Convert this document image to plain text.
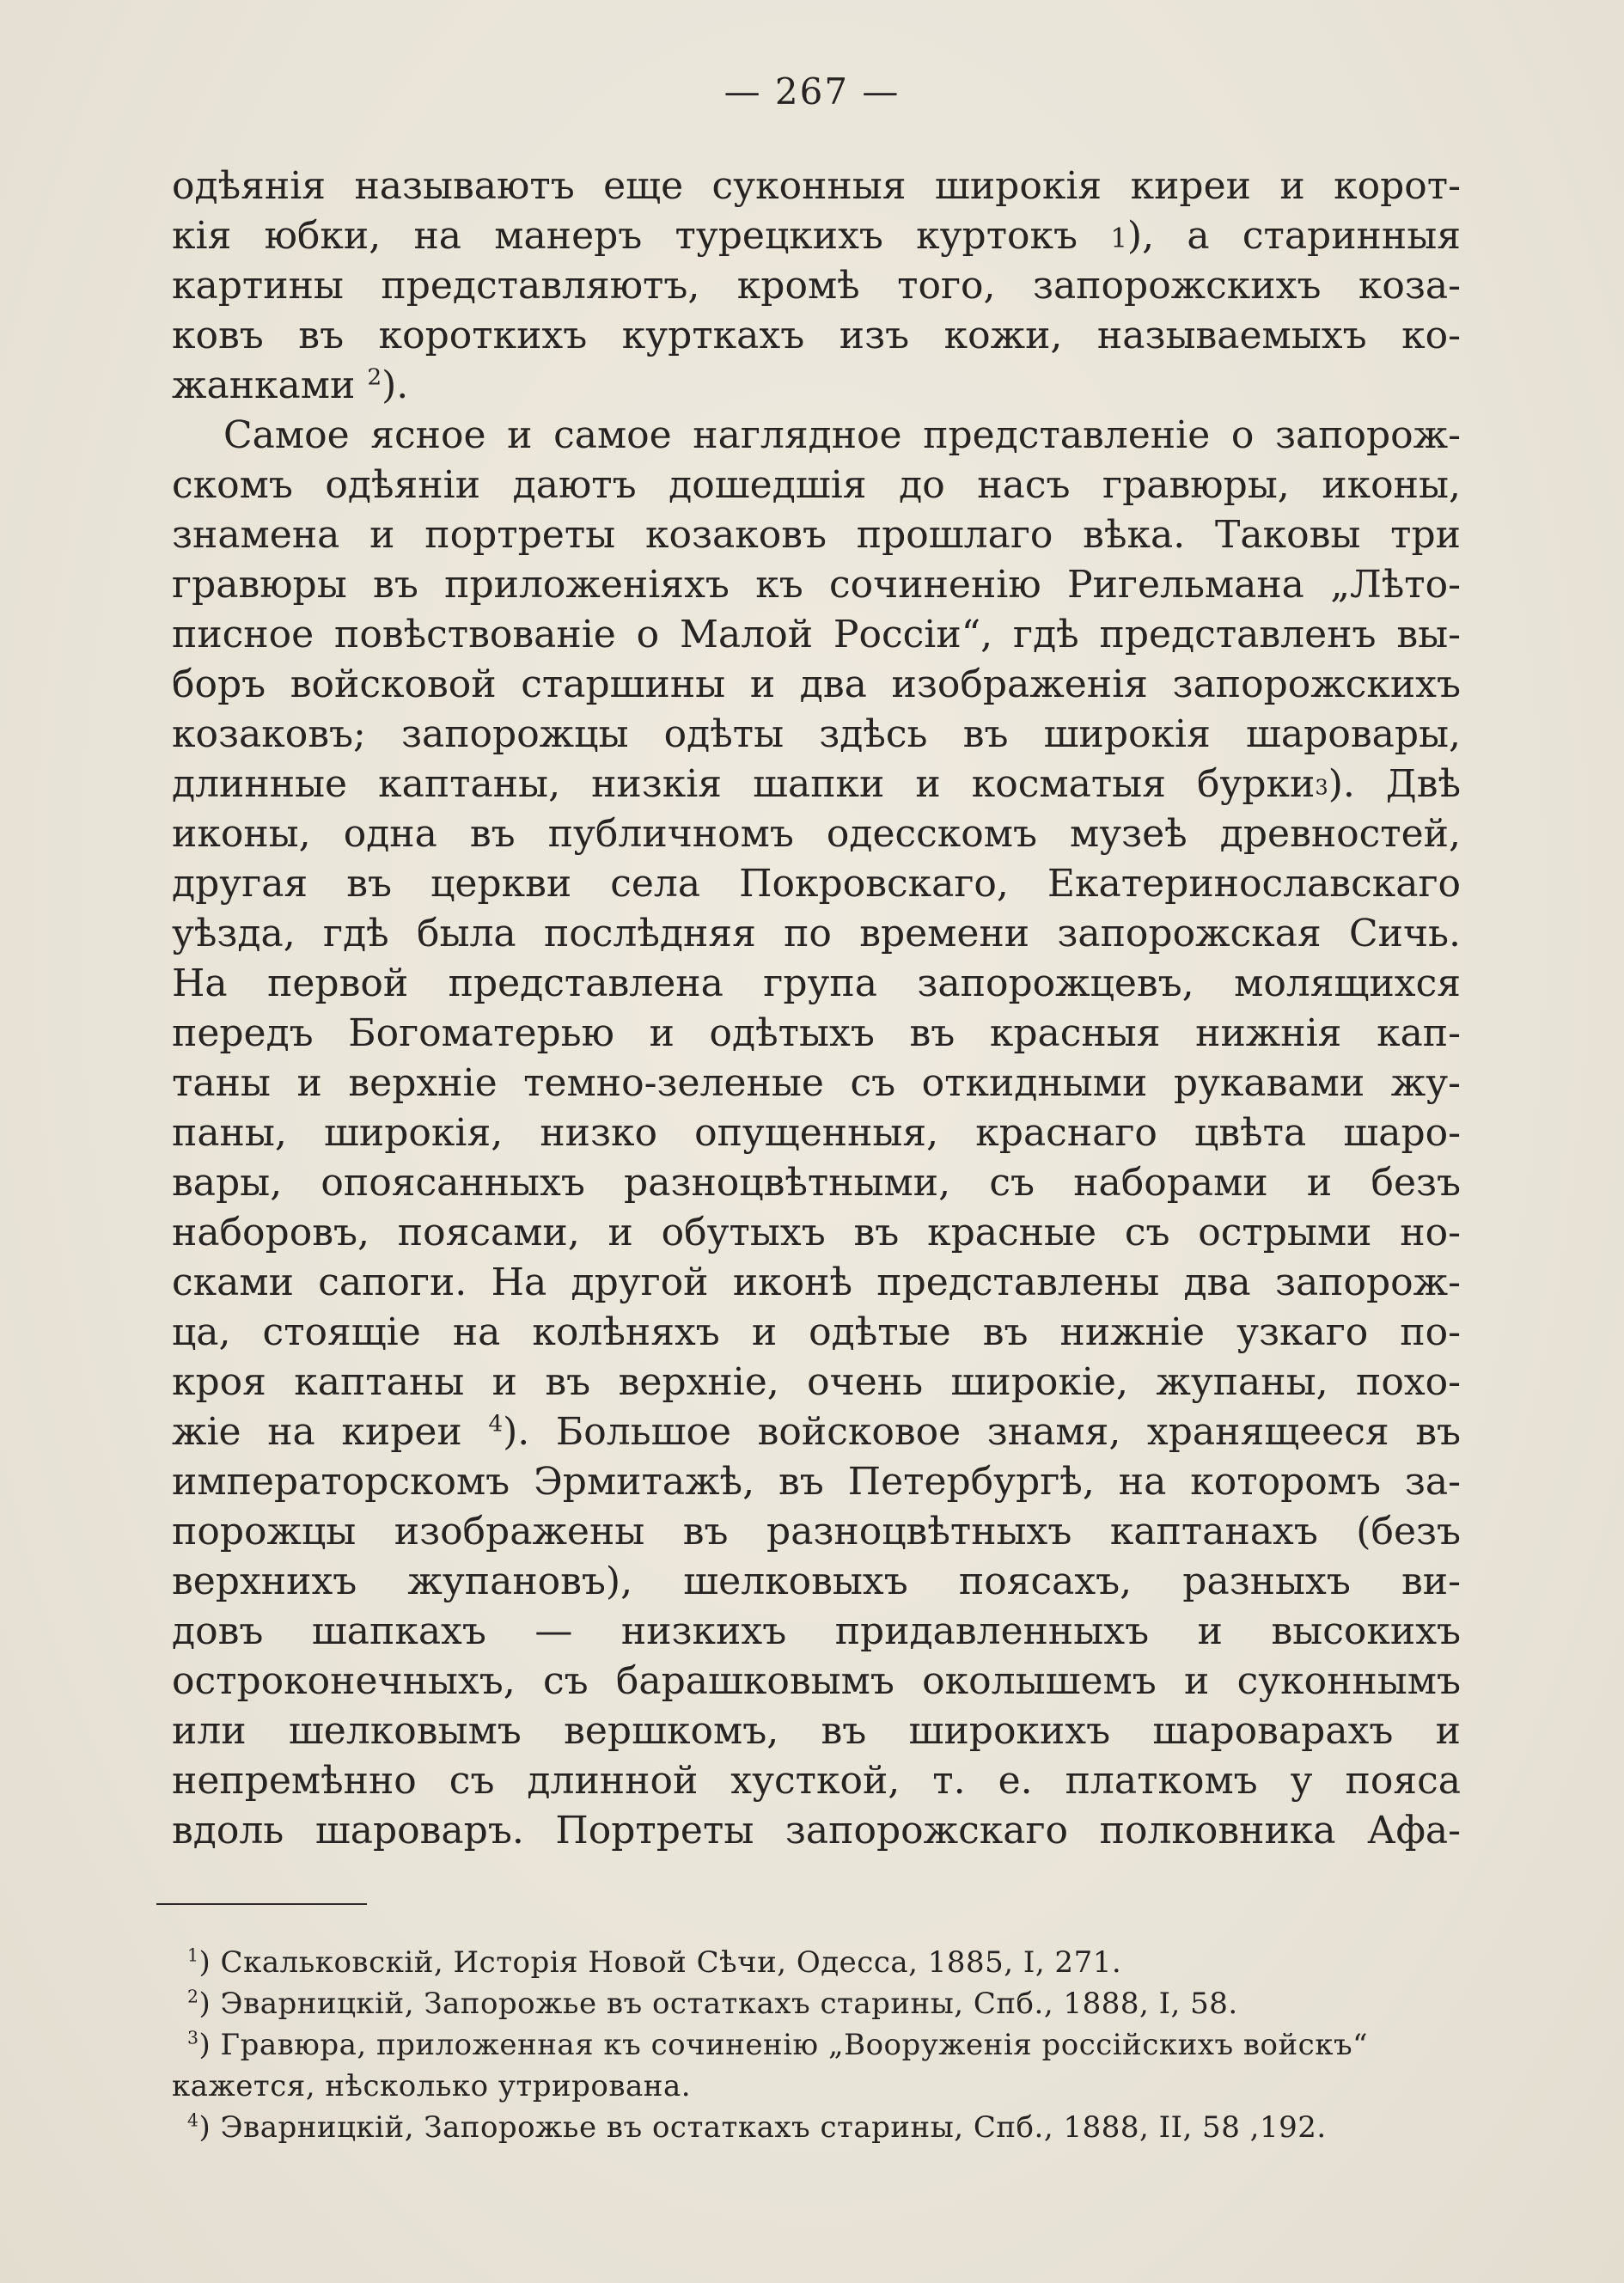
— 267 —
одѣянія называютъ еще суконныя широкія киреи и корот-
кія юбки, на манеръ турецкихъ куртокъ 1), а старинныя
картины представляютъ, кромѣ того, запорожскихъ коза-
ковъ въ короткихъ курткахъ изъ кожи, называемыхъ ко-
жанками $^2$).
Самое ясное и самое наглядное представленіе о запорож-
скомъ одѣяніи даютъ дошедшія до насъ гравюры, иконы,
знамена и портреты козаковъ прошлаго вѣка. Таковы три
гравюры въ приложеніяхъ къ сочиненію Ригельмана „Лѣто-
писное повѣствованіе о Малой Россіи“, гдѣ представленъ вы-
боръ войсковой старшины и два изображенія запорожскихъ
козаковъ; запорожцы одѣты здѣсь въ широкія шаровары,
длинные каптаны, низкія шапки и косматыя бурки3). Двѣ
иконы, одна въ публичномъ одесскомъ музеѣ древностей,
другая въ церкви села Покровскаго, Екатеринославскаго
уѣзда, гдѣ была послѣдняя по времени запорожская Сичь.
На первой представлена група запорожцевъ, молящихся
передъ Богоматерью и одѣтыхъ въ красныя нижнія кап-
таны и верхніе темно-зеленые съ откидными рукавами жу-
паны, широкія, низко опущенныя, краснаго цвѣта шаро-
вары, опоясанныхъ разноцвѣтными, съ наборами и безъ
наборовъ, поясами, и обутыхъ въ красные съ острыми но-
сками сапоги. На другой иконѣ представлены два запорож-
ца, стоящіе на колѣняхъ и одѣтые въ нижніе узкаго по-
кроя каптаны и въ верхніе, очень широкіе, жупаны, похо-
жіе на киреи $^4$). Большое войсковое знамя, хранящееся въ
императорскомъ Эрмитажѣ, въ Петербургѣ, на которомъ за-
порожцы изображены въ разноцвѣтныхъ каптанахъ (безъ
верхнихъ жупановъ), шелковыхъ поясахъ, разныхъ ви-
довъ шапкахъ — низкихъ придавленныхъ и высокихъ
остроконечныхъ, съ барашковымъ околышемъ и суконнымъ
или шелковымъ вершкомъ, въ широкихъ шароварахъ и
непремѣнно съ длинной хусткой, т. е. платкомъ у пояса
вдоль шароваръ. Портреты запорожскаго полковника Афа-
$^1$) Скальковскій, Исторія Новой Сѣчи, Одесса, 1885, I, 271.
$^2$) Эварницкій, Запорожье въ остаткахъ старины, Спб., 1888, I, 58.
$^3$) Гравюра, приложенная къ сочиненію „Вооруженія россійскихъ войскъ“
кажется, нѣсколько утрирована.
$^4$) Эварницкій, Запорожье въ остаткахъ старины, Спб., 1888, II, 58 ,192.
